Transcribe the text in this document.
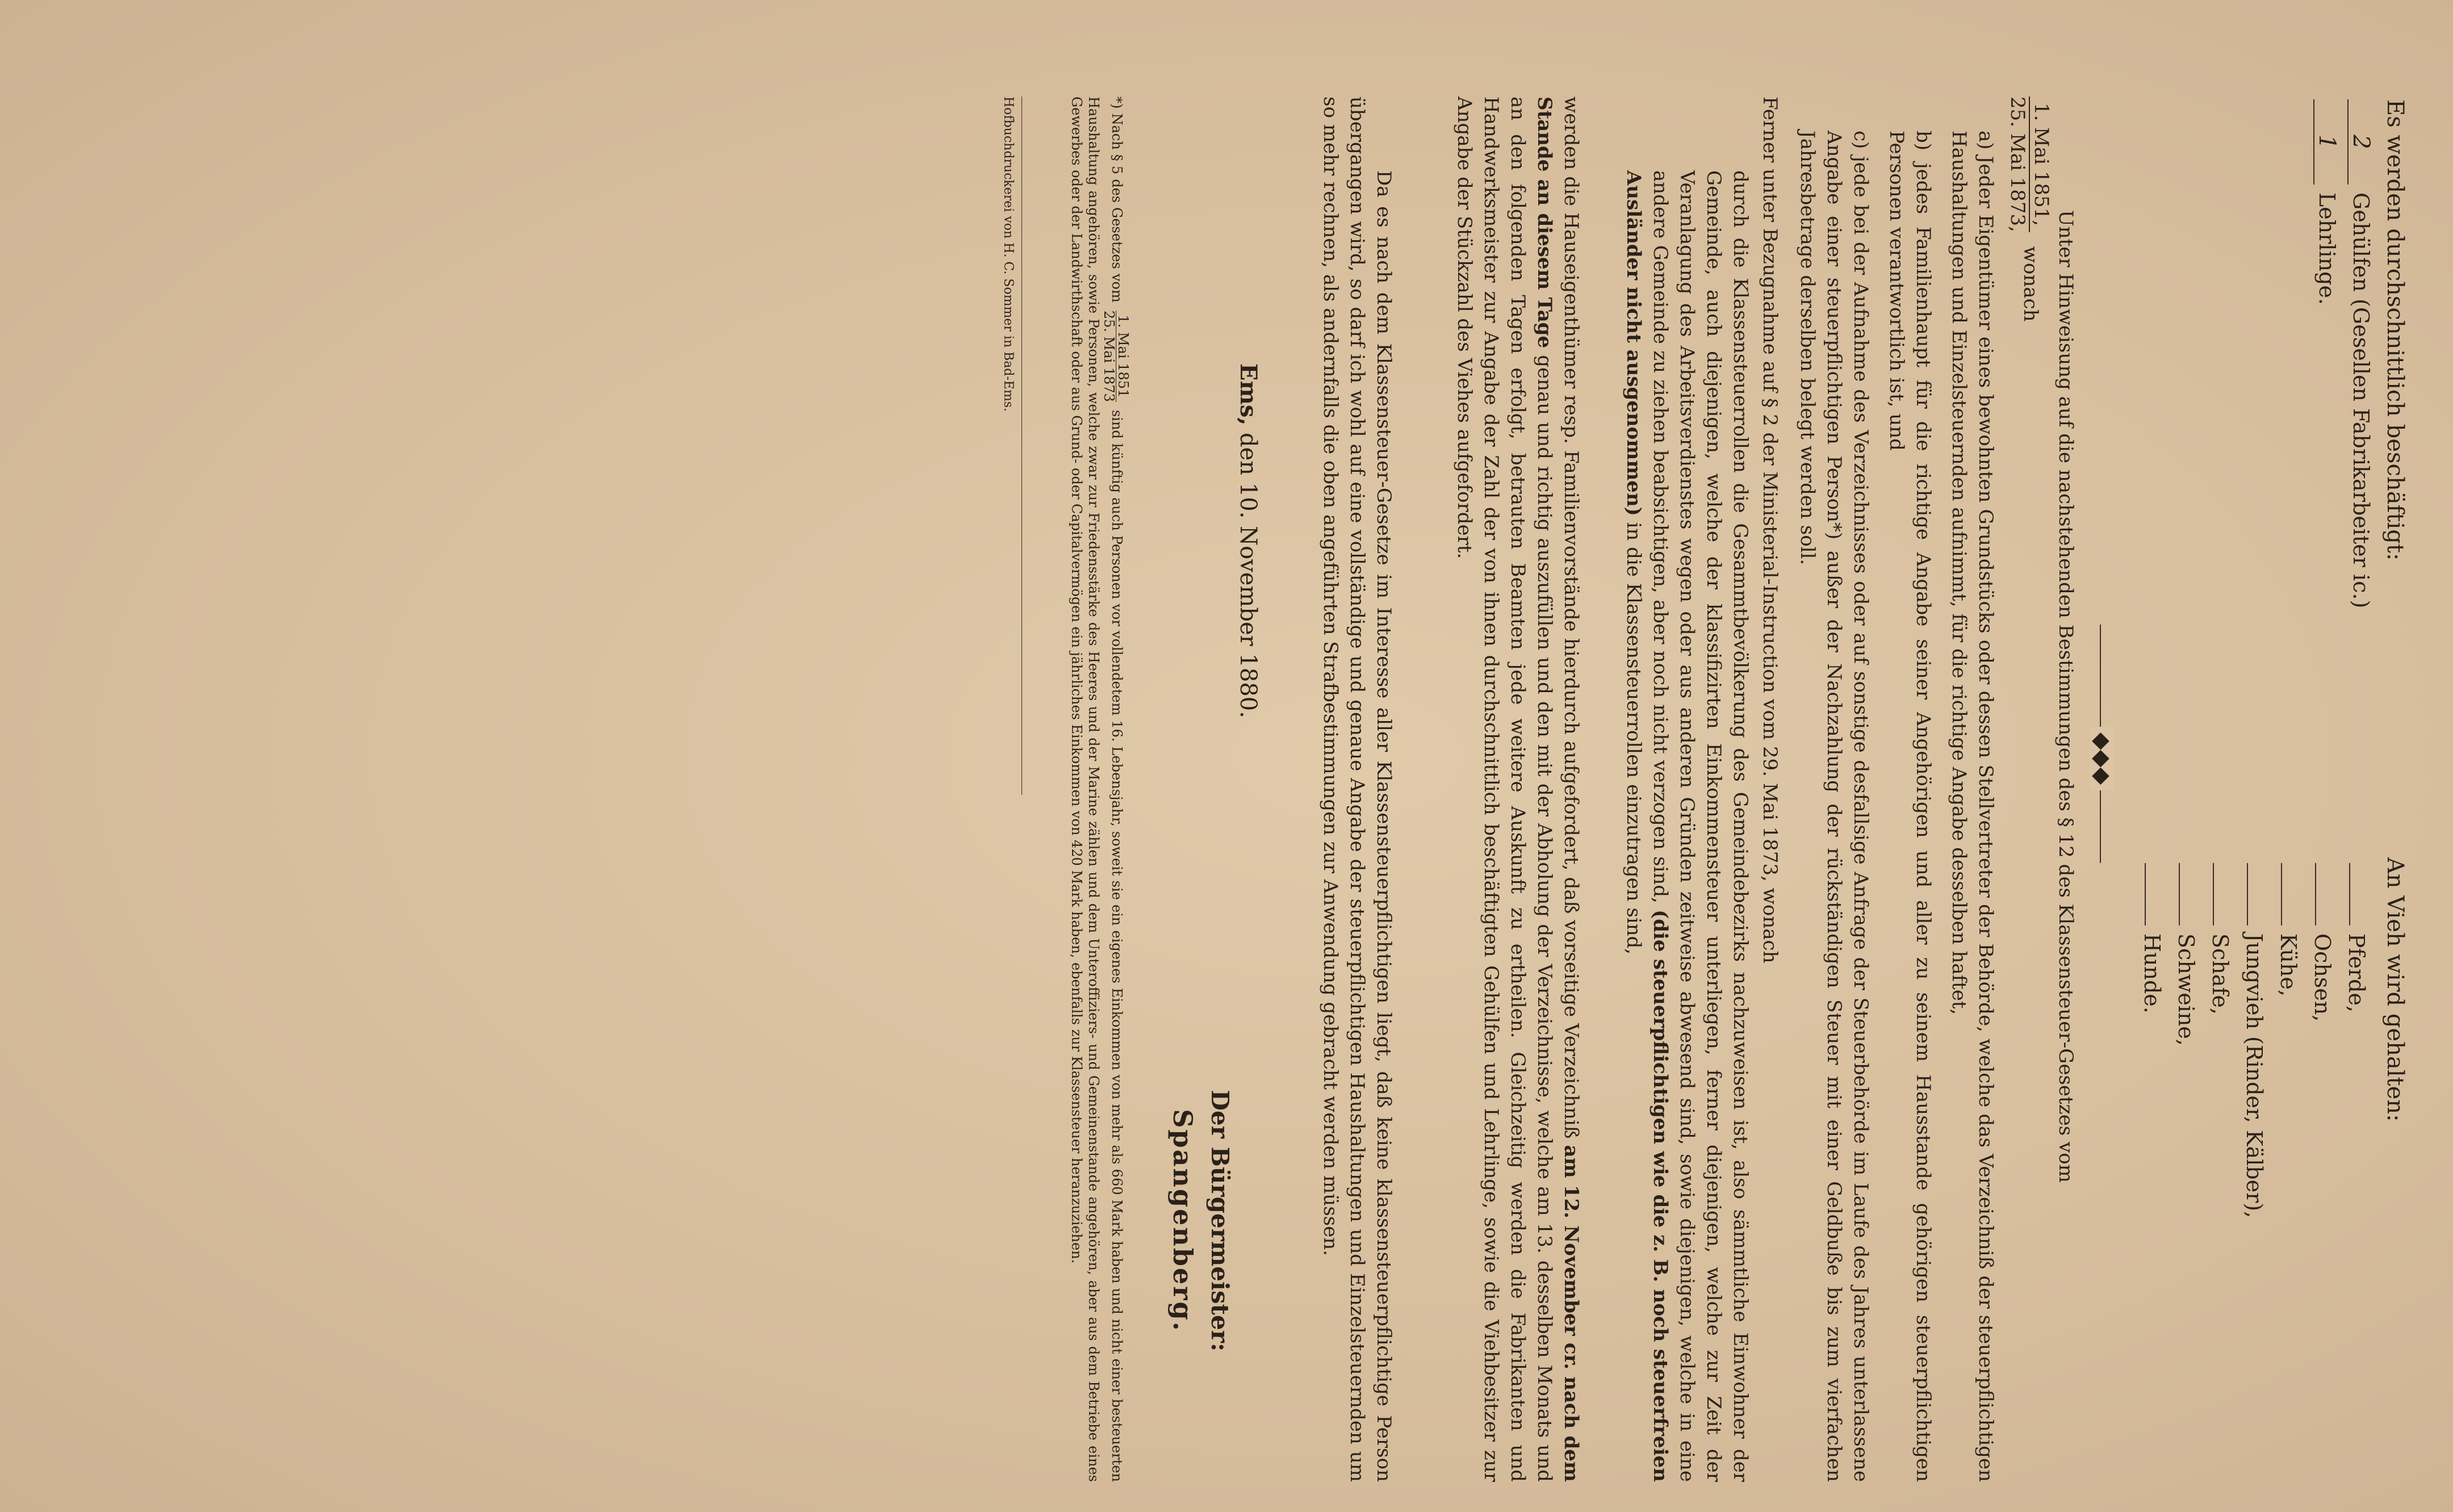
Es werden durchschnittlich beschäftigt:
2Gehülfen (Gesellen Fabrikarbeiter ic.)
1Lehrlinge.
An Vieh wird gehalten:
Pferde,
Ochsen,
Kühe,
Jungvieh (Rinder, Kälber),
Schafe,
Schweine,
Hunde.
◆◆◆
Unter Hinweisung auf die nachstehenden Bestimmungen des § 12 des Klassensteuer-Gesetzes vom
1. Mai 1851,
25. Mai 1873,
wonach
a) Jeder Eigentümer eines bewohnten Grundstücks oder dessen Stellvertreter der Behörde, welche das Verzeichniß der steuerpflichtigen Haushaltungen und Einzelsteuernden aufnimmt, für die richtige Angabe desselben haftet,
b) jedes Familienhaupt für die richtige Angabe seiner Angehörigen und aller zu seinem Hausstande gehörigen steuerpflichtigen Personen verantwortlich ist, und
c) jede bei der Aufnahme des Verzeichnisses oder auf sonstige desfallsige Anfrage der Steuerbehörde im Laufe des Jahres unterlassene Angabe einer steuerpflichtigen Person*) außer der Nachzahlung der rückständigen Steuer mit einer Geldbuße bis zum vierfachen Jahresbetrage derselben belegt werden soll.
Ferner unter Bezugnahme auf § 2 der Ministerial-Instruction vom 29. Mai 1873, wonach
durch die Klassensteuerrollen die Gesammtbevölkerung des Gemeindebezirks nachzuweisen ist, also sämmtliche Einwohner der Gemeinde, auch diejenigen, welche der klassifizirten Einkommensteuer unterliegen, ferner diejenigen, welche zur Zeit der Veranlagung des Arbeitsverdienstes wegen oder aus anderen Gründen zeitweise abwesend sind, sowie diejenigen, welche in eine andere Gemeinde zu ziehen beabsichtigen, aber noch nicht verzogen sind, (die steuerpflichtigen wie die z. B. noch steuerfreien Ausländer nicht ausgenommen) in die Klassensteuerrollen einzutragen sind,
werden die Hauseigenthümer resp. Familienvorstände hierdurch aufgefordert, daß vorseitige Verzeichniß am 12. November cr. nach dem Stande an diesem Tage genau und richtig auszufüllen und den mit der Abholung der Verzeichnisse, welche am 13. desselben Monats und an den folgenden Tagen erfolgt, betrauten Beamten jede weitere Auskunft zu ertheilen. Gleichzeitig werden die Fabrikanten und Handwerksmeister zur Angabe der Zahl der von ihnen durchschnittlich beschäftigten Gehülfen und Lehrlinge, sowie die Viehbesitzer zur Angabe der Stückzahl des Viehes aufgefordert.
Da es nach dem Klassensteuer-Gesetze im Interesse aller Klassensteuerpflichtigen liegt, daß keine klassensteuerpflichtige Person übergangen wird, so darf ich wohl auf eine vollständige und genaue Angabe der steuerpflichtigen Haushaltungen und Einzelsteuernden um so mehr rechnen, als andernfalls die oben angeführten Strafbestimmungen zur Anwendung gebracht werden müssen.
Ems, den 10. November 1880.
Der Bürgermeister:
Spangenberg.
*) Nach § 5 des Gesetzes vom
1. Mai 1851
25. Mai 1873
sind künftig auch Personen vor vollendetem 16. Lebensjahr, soweit sie ein eigenes Einkommen von mehr als 660 Mark haben und nicht einer besteuerten Haushaltung angehören, sowie Personen, welche zwar zur Friedensstärke des Heeres und der Marine zählen und dem Unteroffiziers- und Gemeinenstande angehören, aber aus dem Betriebe eines Gewerbes oder der Landwirthschaft oder aus Grund- oder Capitalvermögen ein jährliches Einkommen von 420 Mark haben, ebenfalls zur Klassensteuer heranzuziehen.
Hofbuchdruckerei von H. C. Sommer in Bad-Ems.
